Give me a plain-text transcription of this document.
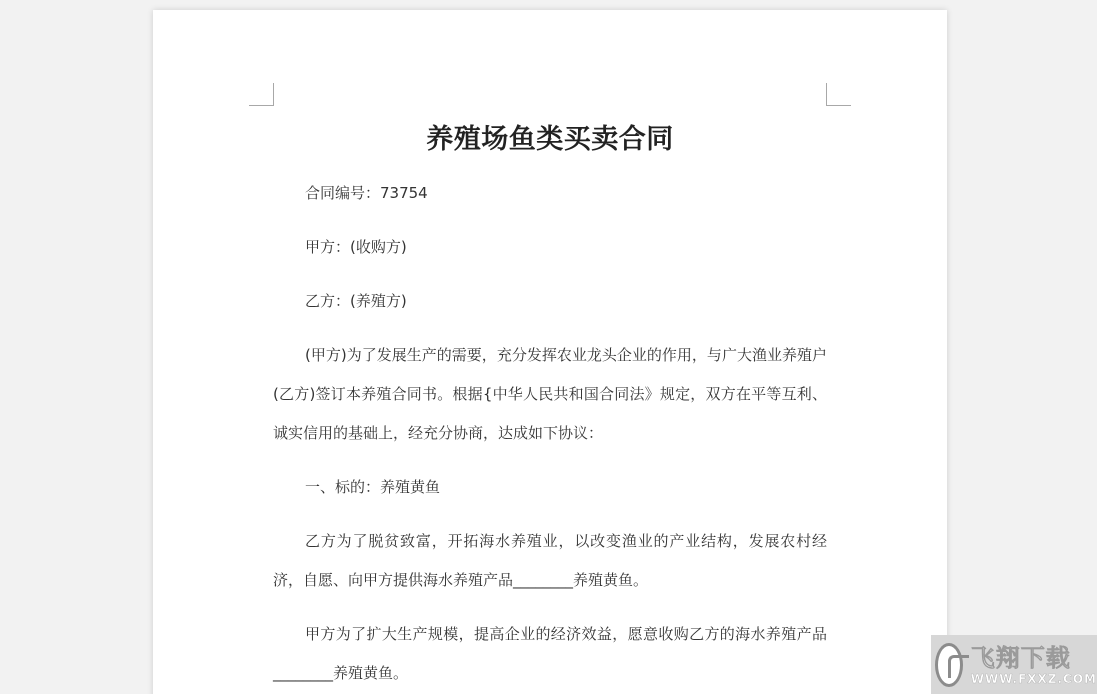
养殖场鱼类买卖合同

合同编号：73754

甲方：(收购方)

乙方：(养殖方)

(甲方)为了发展生产的需要，充分发挥农业龙头企业的作用，与广大渔业养殖户(乙方)签订本养殖合同书。根据{中华人民共和国合同法》规定，双方在平等互利、诚实信用的基础上，经充分协商，达成如下协议：

一、标的：养殖黄鱼

乙方为了脱贫致富，开拓海水养殖业，以改变渔业的产业结构，发展农村经济，自愿、向甲方提供海水养殖产品________养殖黄鱼。

甲方为了扩大生产规模，提高企业的经济效益，愿意收购乙方的海水养殖产品________养殖黄鱼。

飞翔下载
WWW.FXXZ.COM
